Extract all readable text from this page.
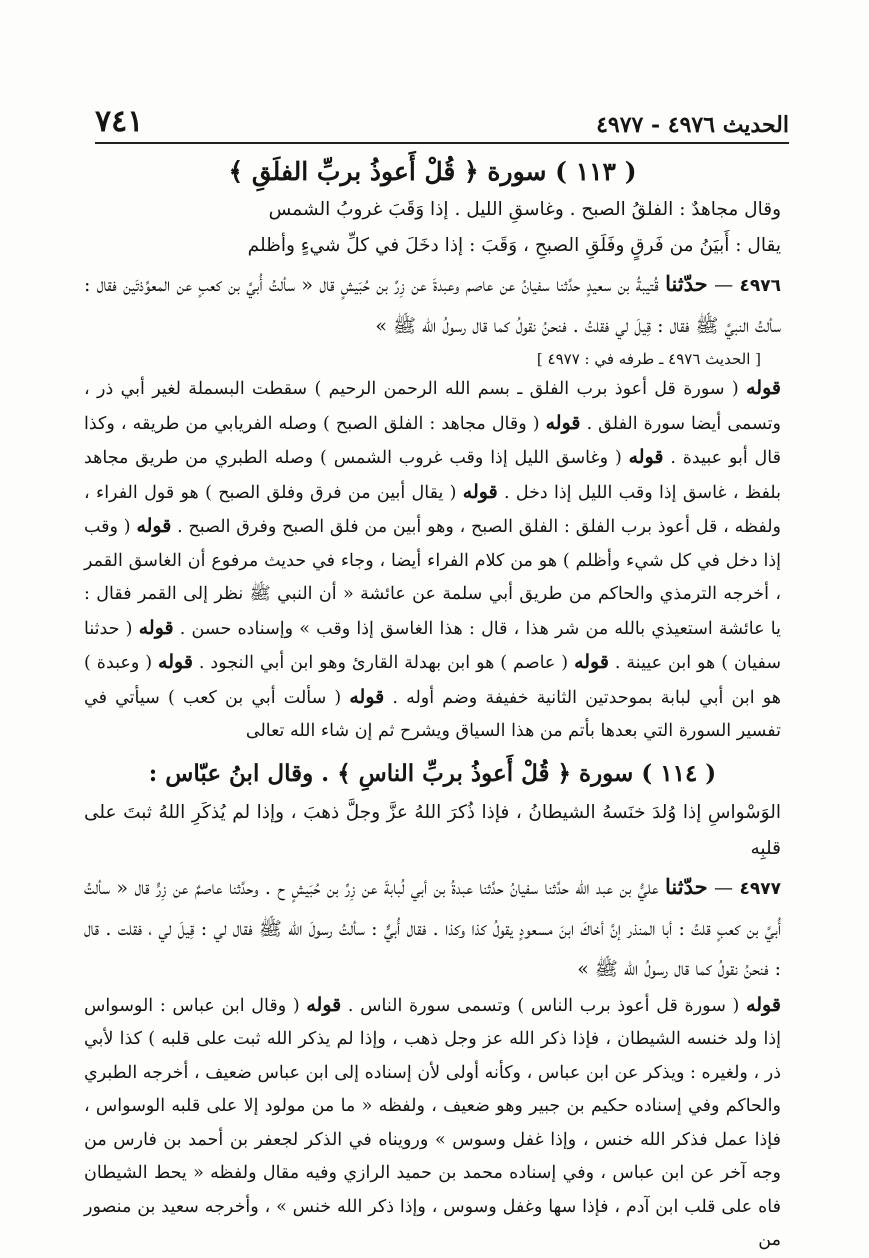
الحديث ٤٩٧٦ - ٤٩٧٧
٧٤١

( ١١٣ ) سورة ﴿ قُلْ أَعوذُ بربِّ الفلَقِ ﴾

وقال مجاهدٌ : الفلقُ الصبح . وغاسقِ الليل . إذا وَقَبَ غروبُ الشمس

يقال : أَبيَنُ من فَرقٍ وفَلَقِ الصبحِ ، وَقَبَ : إذا دخَلَ في كلِّ شيءٍ وأظلم

٤٩٧٦ — حدّثنا قُتيبةُ بن سعيدٍ حدَّثنا سفيانُ عن عاصم وعبدةَ عن زِرِّ بن حُبَيشٍ قال « سألتُ أُبيَّ بن كعبٍ عن المعوِّذتَين فقال : سألتُ النبيَّ ﷺ فقال : قِيلَ لي فقلتُ . فنحنُ نقولُ كما قال رسولُ الله ﷺ »

[ الحديث ٤٩٧٦ ـ طرفه في : ٤٩٧٧ ]

قوله ( سورة قل أعوذ برب الفلق ـ بسم الله الرحمن الرحيم ) سقطت البسملة لغير أبي ذر ، وتسمى أيضا سورة الفلق . قوله ( وقال مجاهد : الفلق الصبح ) وصله الفريابي من طريقه ، وكذا قال أبو عبيدة . قوله ( وغاسق الليل إذا وقب غروب الشمس ) وصله الطبري من طريق مجاهد بلفظ ، غاسق إذا وقب الليل إذا دخل . قوله ( يقال أبين من فرق وفلق الصبح ) هو قول الفراء ، ولفظه ، قل أعوذ برب الفلق : الفلق الصبح ، وهو أبين من فلق الصبح وفرق الصبح . قوله ( وقب إذا دخل في كل شيء وأظلم ) هو من كلام الفراء أيضا ، وجاء في حديث مرفوع أن الغاسق القمر ، أخرجه الترمذي والحاكم من طريق أبي سلمة عن عائشة « أن النبي ﷺ نظر إلى القمر فقال : يا عائشة استعيذي بالله من شر هذا ، قال : هذا الغاسق إذا وقب » وإسناده حسن . قوله ( حدثنا سفيان ) هو ابن عيينة . قوله ( عاصم ) هو ابن بهدلة القارئ وهو ابن أبي النجود . قوله ( وعبدة ) هو ابن أبي لبابة بموحدتين الثانية خفيفة وضم أوله . قوله ( سألت أبي بن كعب ) سيأتي في تفسير السورة التي بعدها بأتم من هذا السياق ويشرح ثم إن شاء الله تعالى

( ١١٤ ) سورة ﴿ قُلْ أَعوذُ بربِّ الناسِ ﴾ . وقال ابنُ عبّاس :

الوَسْواسِ إذا وُلدَ خنَسهُ الشيطانُ ، فإذا ذُكرَ اللهُ عزَّ وجلَّ ذهبَ ، وإذا لم يُذكَرِ اللهُ ثبتَ على قلبِه

٤٩٧٧ — حدّثنا عليُّ بن عبد الله حدَّثنا سفيانُ حدَّثنا عبدةُ بن أبي لُبابةَ عن زِرِّ بن حُبَيشٍ ح . وحدَّثنا عاصمٌ عن زِرٍّ قال « سألتُ أُبيَّ بن كعبٍ قلتُ : أبا المنذر إنَّ أخاكَ ابنَ مسعودٍ يقولُ كذا وكذا . فقال أُبيٌّ : سألتُ رسولَ الله ﷺ فقال لي : قِيلَ لي ، فقلت . قال : فنحنُ نقولُ كما قال رسولُ الله ﷺ »

قوله ( سورة قل أعوذ برب الناس ) وتسمى سورة الناس . قوله ( وقال ابن عباس : الوسواس إذا ولد خنسه الشيطان ، فإذا ذكر الله عز وجل ذهب ، وإذا لم يذكر الله ثبت على قلبه ) كذا لأبي ذر ، ولغيره : ويذكر عن ابن عباس ، وكأنه أولى لأن إسناده إلى ابن عباس ضعيف ، أخرجه الطبري والحاكم وفي إسناده حكيم بن جبير وهو ضعيف ، ولفظه « ما من مولود إلا على قلبه الوسواس ، فإذا عمل فذكر الله خنس ، وإذا غفل وسوس » ورويناه في الذكر لجعفر بن أحمد بن فارس من وجه آخر عن ابن عباس ، وفي إسناده محمد بن حميد الرازي وفيه مقال ولفظه « يحط الشيطان فاه على قلب ابن آدم ، فإذا سها وغفل وسوس ، وإذا ذكر الله خنس » ، وأخرجه سعيد بن منصور من
